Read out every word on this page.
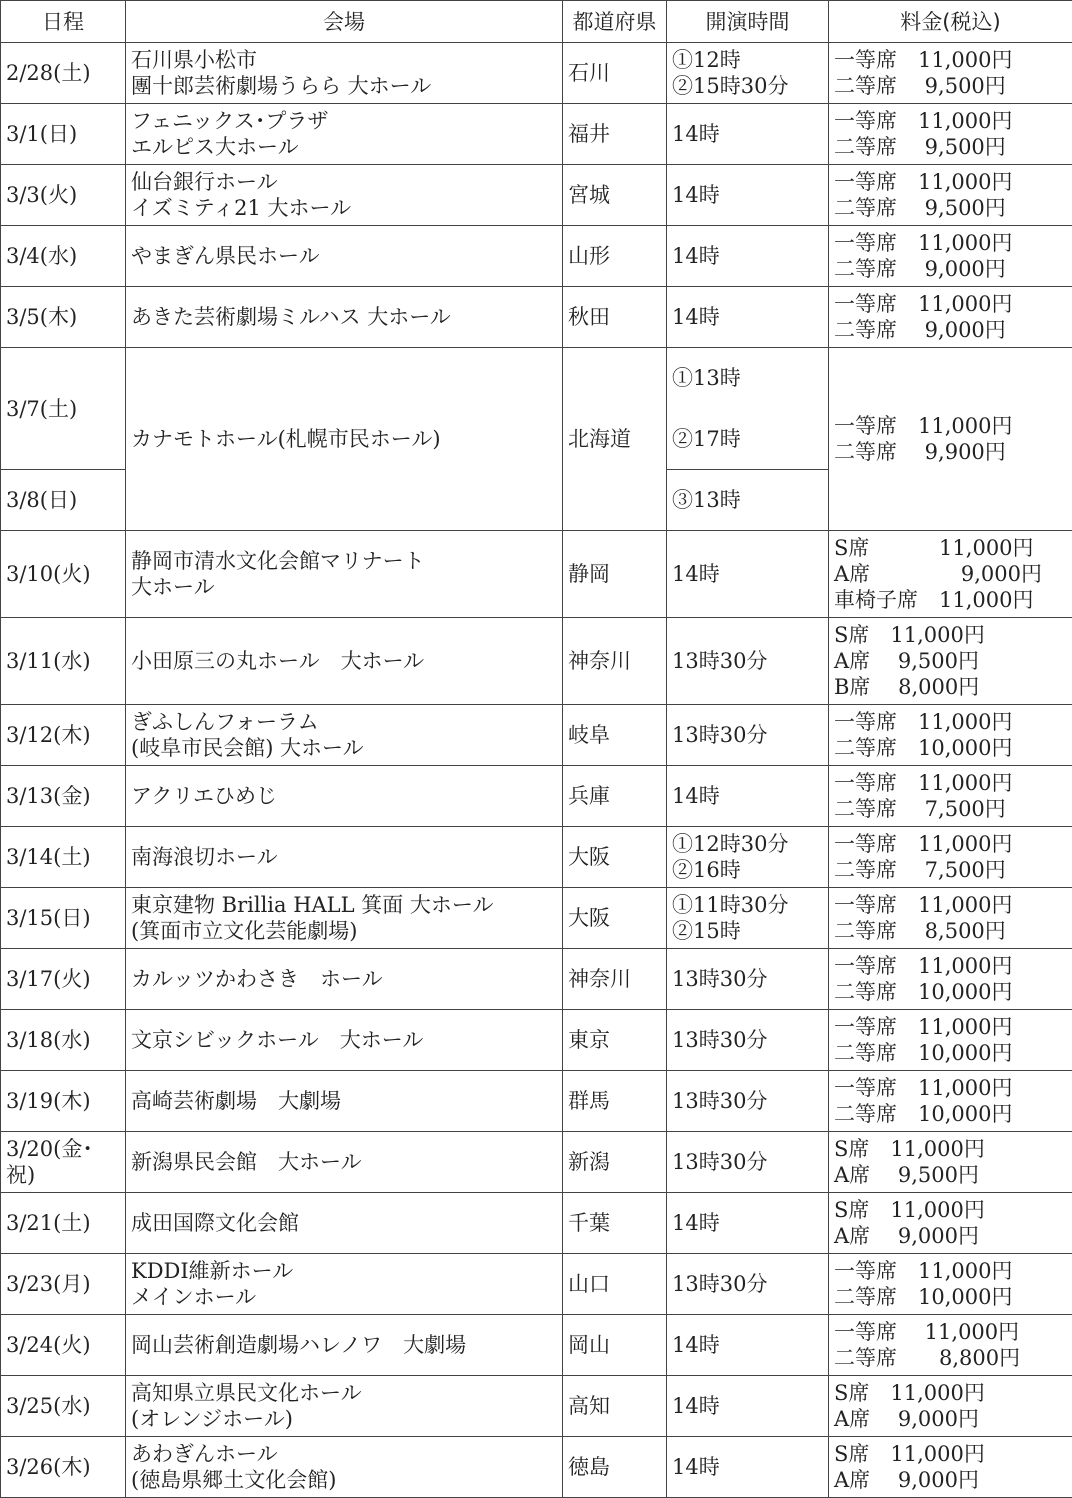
日程	会場	都道府県	開演時間	料金(税込)

2/28(土)	石川県小松市
團十郎芸術劇場うらら 大ホール	石川	①12時
②15時30分	一等席　11,000円
二等席　 9,500円

3/1(日)	フェニックス･プラザ
エルピス大ホール	福井	14時	一等席　11,000円
二等席　 9,500円

3/3(火)	仙台銀行ホール
イズミティ21 大ホール	宮城	14時	一等席　11,000円
二等席　 9,500円

3/4(水)	やまぎん県民ホール	山形	14時	一等席　11,000円
二等席　 9,000円

3/5(木)	あきた芸術劇場ミルハス 大ホール	秋田	14時	一等席　11,000円
二等席　 9,000円

3/7(土)	カナモトホール(札幌市民ホール)	北海道	①13時
②17時	一等席　11,000円
二等席　 9,900円

3/8(日)			③13時	

3/10(火)	静岡市清水文化会館マリナート
大ホール	静岡	14時	S席　　　 11,000円
A席　　　　 9,000円
車椅子席　11,000円

3/11(水)	小田原三の丸ホール　大ホール	神奈川	13時30分	S席　11,000円
A席　 9,500円
B席　 8,000円

3/12(木)	ぎふしんフォーラム
(岐阜市民会館) 大ホール	岐阜	13時30分	一等席　11,000円
二等席　10,000円

3/13(金)	アクリエひめじ	兵庫	14時	一等席　11,000円
二等席　 7,500円

3/14(土)	南海浪切ホール	大阪	①12時30分
②16時	一等席　11,000円
二等席　 7,500円

3/15(日)	東京建物 Brillia HALL 箕面 大ホール
(箕面市立文化芸能劇場)	大阪	①11時30分
②15時	一等席　11,000円
二等席　 8,500円

3/17(火)	カルッツかわさき　ホール	神奈川	13時30分	一等席　11,000円
二等席　10,000円

3/18(水)	文京シビックホール　大ホール	東京	13時30分	一等席　11,000円
二等席　10,000円

3/19(木)	高崎芸術劇場　大劇場	群馬	13時30分	一等席　11,000円
二等席　10,000円

3/20(金･
祝)	新潟県民会館　大ホール	新潟	13時30分	S席　11,000円
A席　 9,500円

3/21(土)	成田国際文化会館	千葉	14時	S席　11,000円
A席　 9,000円

3/23(月)	KDDI維新ホール
メインホール	山口	13時30分	一等席　11,000円
二等席　10,000円

3/24(火)	岡山芸術創造劇場ハレノワ　大劇場	岡山	14時	一等席　 11,000円
二等席　　8,800円

3/25(水)	高知県立県民文化ホール
(オレンジホール)	高知	14時	S席　11,000円
A席　 9,000円

3/26(木)	あわぎんホール
(徳島県郷土文化会館)	徳島	14時	S席　11,000円
A席　 9,000円
